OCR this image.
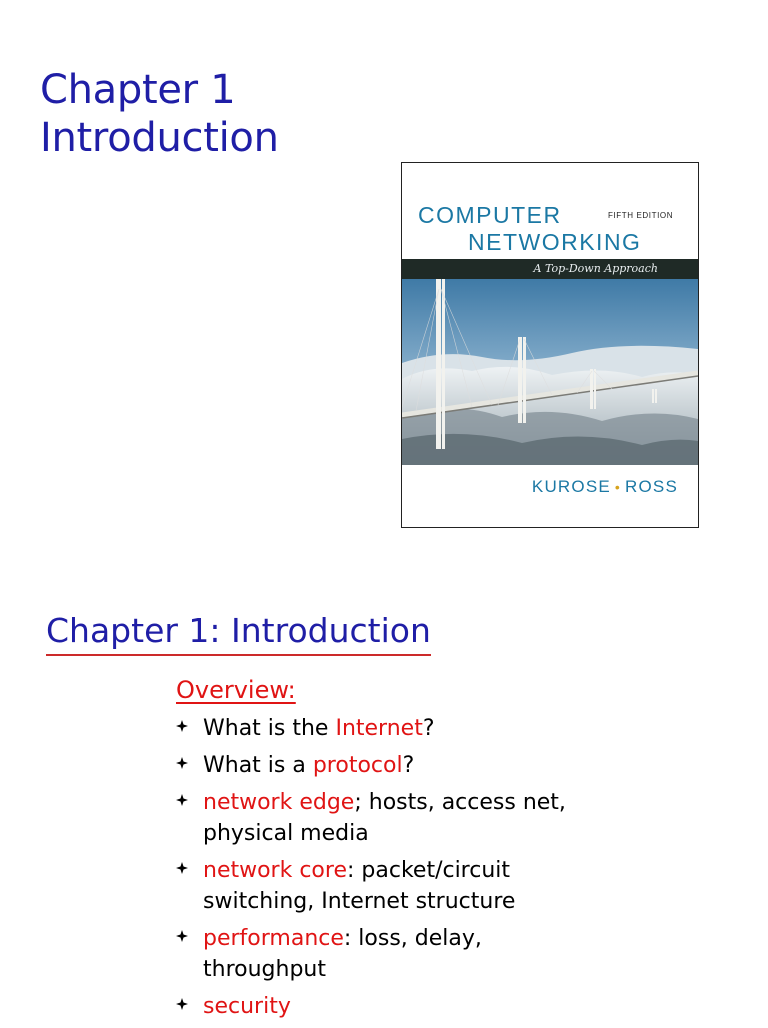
Chapter 1
Introduction
COMPUTER	FIFTH EDITION
NETWORKING
A Top-Down Approach
KUROSE • ROSS
Chapter 1: Introduction
Overview:
What is the Internet?
What is a protocol?
network edge; hosts, access net, physical media
network core: packet/circuit switching, Internet structure
performance: loss, delay, throughput
security
